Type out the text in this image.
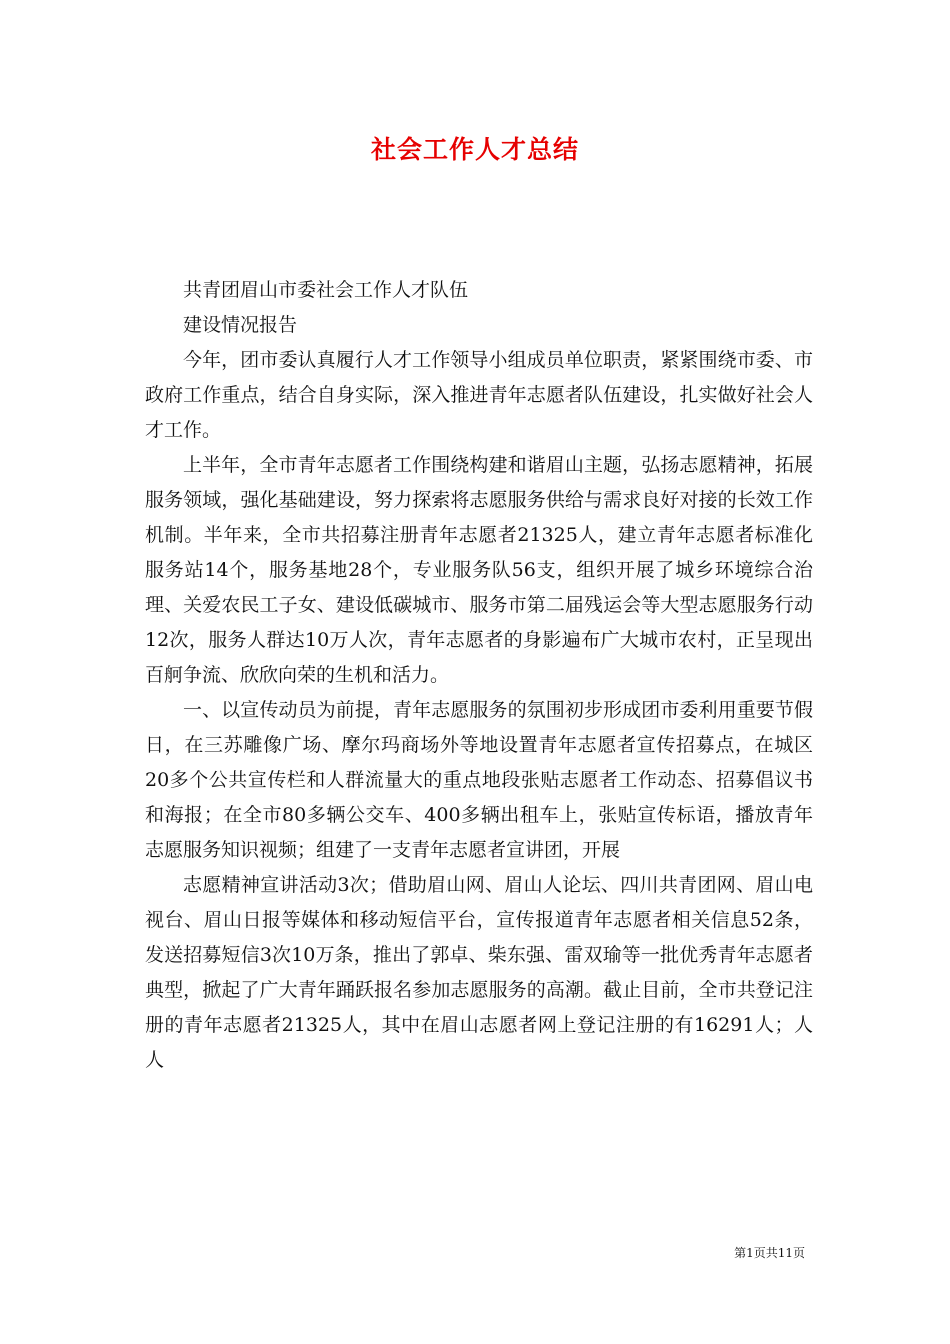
社会工作人才总结

共青团眉山市委社会工作人才队伍

建设情况报告

今年，团市委认真履行人才工作领导小组成员单位职责，紧紧围绕市委、市政府工作重点，结合自身实际，深入推进青年志愿者队伍建设，扎实做好社会人才工作。

上半年，全市青年志愿者工作围绕构建和谐眉山主题，弘扬志愿精神，拓展服务领域，强化基础建设，努力探索将志愿服务供给与需求良好对接的长效工作机制。半年来，全市共招募注册青年志愿者21325人，建立青年志愿者标准化服务站14个，服务基地28个，专业服务队56支，组织开展了城乡环境综合治理、关爱农民工子女、建设低碳城市、服务市第二届残运会等大型志愿服务行动12次，服务人群达10万人次，青年志愿者的身影遍布广大城市农村，正呈现出百舸争流、欣欣向荣的生机和活力。

一、以宣传动员为前提，青年志愿服务的氛围初步形成团市委利用重要节假日，在三苏雕像广场、摩尔玛商场外等地设置青年志愿者宣传招募点，在城区20多个公共宣传栏和人群流量大的重点地段张贴志愿者工作动态、招募倡议书和海报；在全市80多辆公交车、400多辆出租车上，张贴宣传标语，播放青年志愿服务知识视频；组建了一支青年志愿者宣讲团，开展

志愿精神宣讲活动3次；借助眉山网、眉山人论坛、四川共青团网、眉山电视台、眉山日报等媒体和移动短信平台，宣传报道青年志愿者相关信息52条，发送招募短信3次10万条，推出了郭卓、柴东强、雷双瑜等一批优秀青年志愿者典型，掀起了广大青年踊跃报名参加志愿服务的高潮。截止目前，全市共登记注册的青年志愿者21325人，其中在眉山志愿者网上登记注册的有16291人；人人

第1页共11页
